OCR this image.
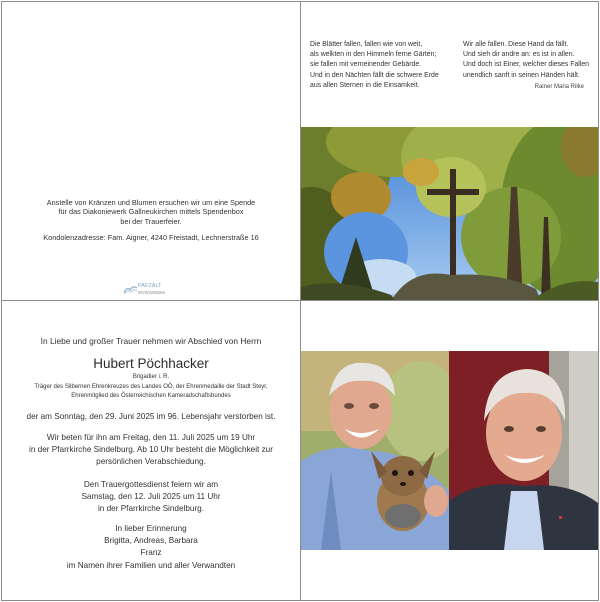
Anstelle von Kränzen und Blumen ersuchen wir um eine Spende
für das Diakoniewerk Gallneukirchen mittels Spendenbox
bei der Trauerfeier.
Kondolenzadresse: Fam. Aigner, 4240 Freistadt, Lechnerstraße 16
PAFZALT
0676/2266266
Die Blätter fallen, fallen wie von weit,
als welkten in den Himmeln ferne Gärten;
sie fallen mit verneinender Gebärde.
Und in den Nächten fällt die schwere Erde
aus allen Sternen in die Einsamkeit.
Wir alle fallen. Diese Hand da fällt.
Und sieh dir andre an: es ist in allen.
Und doch ist Einer, welcher dieses Fallen
unendlich sanft in seinen Händen hält.
Rainer Maria Rilke
In Liebe und großer Trauer nehmen wir Abschied von Herrn
Hubert Pöchhacker
Brigadier i. R.
Träger des Silbernen Ehrenkreuzes des Landes OÖ, der Ehrenmedaille der Stadt Steyr,
Ehrenmitglied des Österreichischen Kameradschaftsbundes
der am Sonntag, den 29. Juni 2025 im 96. Lebensjahr verstorben ist.
Wir beten für ihn am Freitag, den 11. Juli 2025 um 19 Uhr
in der Pfarrkirche Sindelburg. Ab 10 Uhr besteht die Möglichkeit zur
persönlichen Verabschiedung.
Den Trauergottesdienst feiern wir am
Samstag, den 12. Juli 2025 um 11 Uhr
in der Pfarrkirche Sindelburg.
In lieber Erinnerung
Brigitta, Andreas, Barbara
Franz
im Namen ihrer Familien und aller Verwandten
